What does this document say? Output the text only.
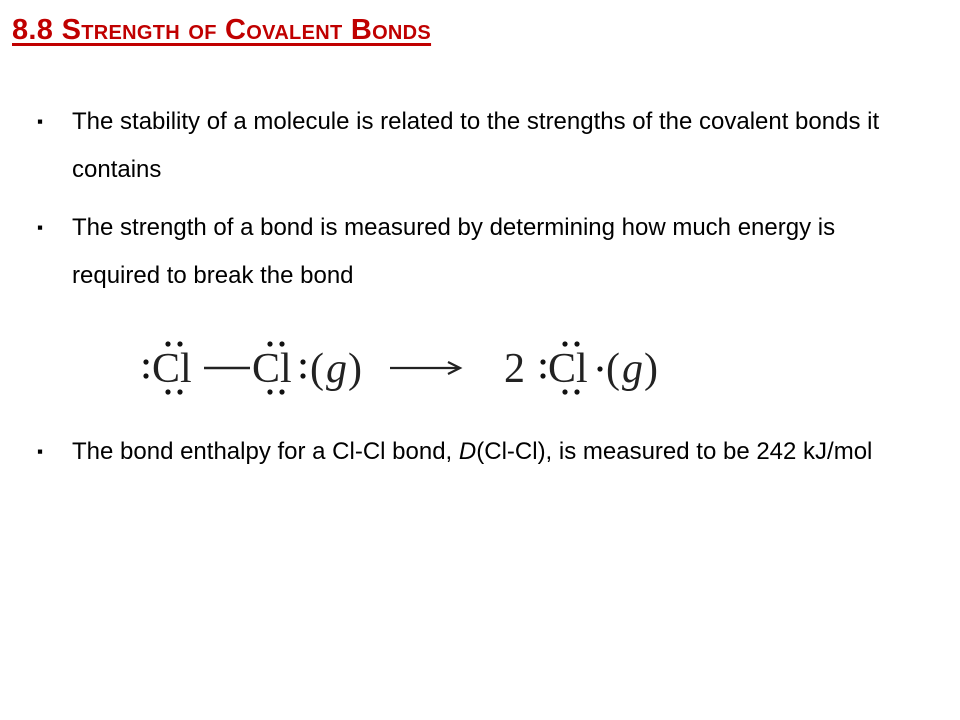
8.8 Strength of Covalent Bonds
▪	The stability of a molecule is related to the strengths of the covalent bonds it contains
▪	The strength of a bond is measured by determining how much energy is required to break the bond
Cl Cl ( g )	2 Cl ( g )
▪	The bond enthalpy for a Cl-Cl bond, D(Cl-Cl), is measured to be 242 kJ/mol
